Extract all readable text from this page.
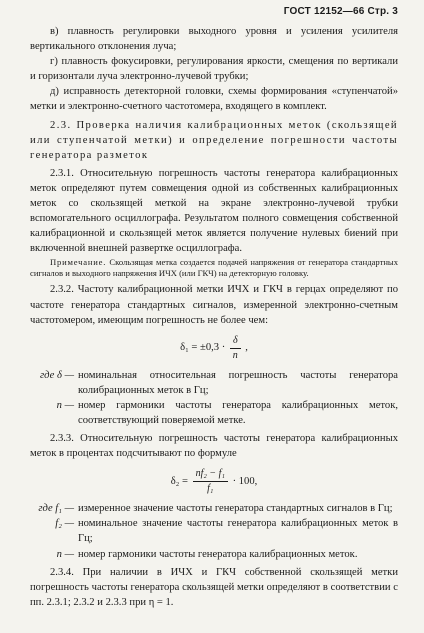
ГОСТ 12152—66 Стр. 3

в) плавность регулировки выходного уровня и усиления усилителя вертикального отклонения луча;

г) плавность фокусировки, регулирования яркости, смещения по вертикали и горизонтали луча электронно-лучевой трубки;

д) исправность детекторной головки, схемы формирования «ступенчатой» метки и электронно-счетного частотомера, входящего в комплект.

2.3. Проверка наличия калибрационных меток (скользящей или ступенчатой метки) и определение погрешности частоты генератора разметок

2.3.1. Относительную погрешность частоты генератора калибрационных меток определяют путем совмещения одной из собственных калибрационных меток со скользящей меткой на экране электронно-лучевой трубки вспомогательного осциллографа. Результатом полного совмещения собственной калибрационной и скользящей меток является получение нулевых биений при включенной внешней развертке осциллографа.

Примечание. Скользящая метка создается подачей напряжения от генератора стандартных сигналов и выходного напряжения ИЧХ (или ГКЧ) на детекторную головку.

2.3.2. Частоту калибрационной метки ИЧХ и ГКЧ в герцах определяют по частоте генератора стандартных сигналов, измеренной электронно-счетным частотомером, имеющим погрешность не более чем:

$\delta_1 = \pm 0,3 \cdot \frac{\delta}{n}$ ,
где δ — номинальная относительная погрешность частоты генератора колибрационных меток в Гц;
n — номер гармоники частоты генератора калибрационных меток, соответствующий поверяемой метке.

2.3.3. Относительную погрешность частоты генератора калибрационных меток в процентах подсчитывают по формуле

$\delta_2 = \frac{\text{nf₂ − f₁}}{\text{f₁}} \cdot 100$,
где f₁ — измеренное значение частоты генератора стандартных сигналов в Гц;
f₂ — номинальное значение частоты генератора калибрационных меток в Гц;
n — номер гармоники частоты генератора калибрационных меток.

2.3.4. При наличии в ИЧХ и ГКЧ собственной скользящей метки погрешность частоты генератора скользящей метки определяют в соответствии с пп. 2.3.1; 2.3.2 и 2.3.3 при η = 1.
